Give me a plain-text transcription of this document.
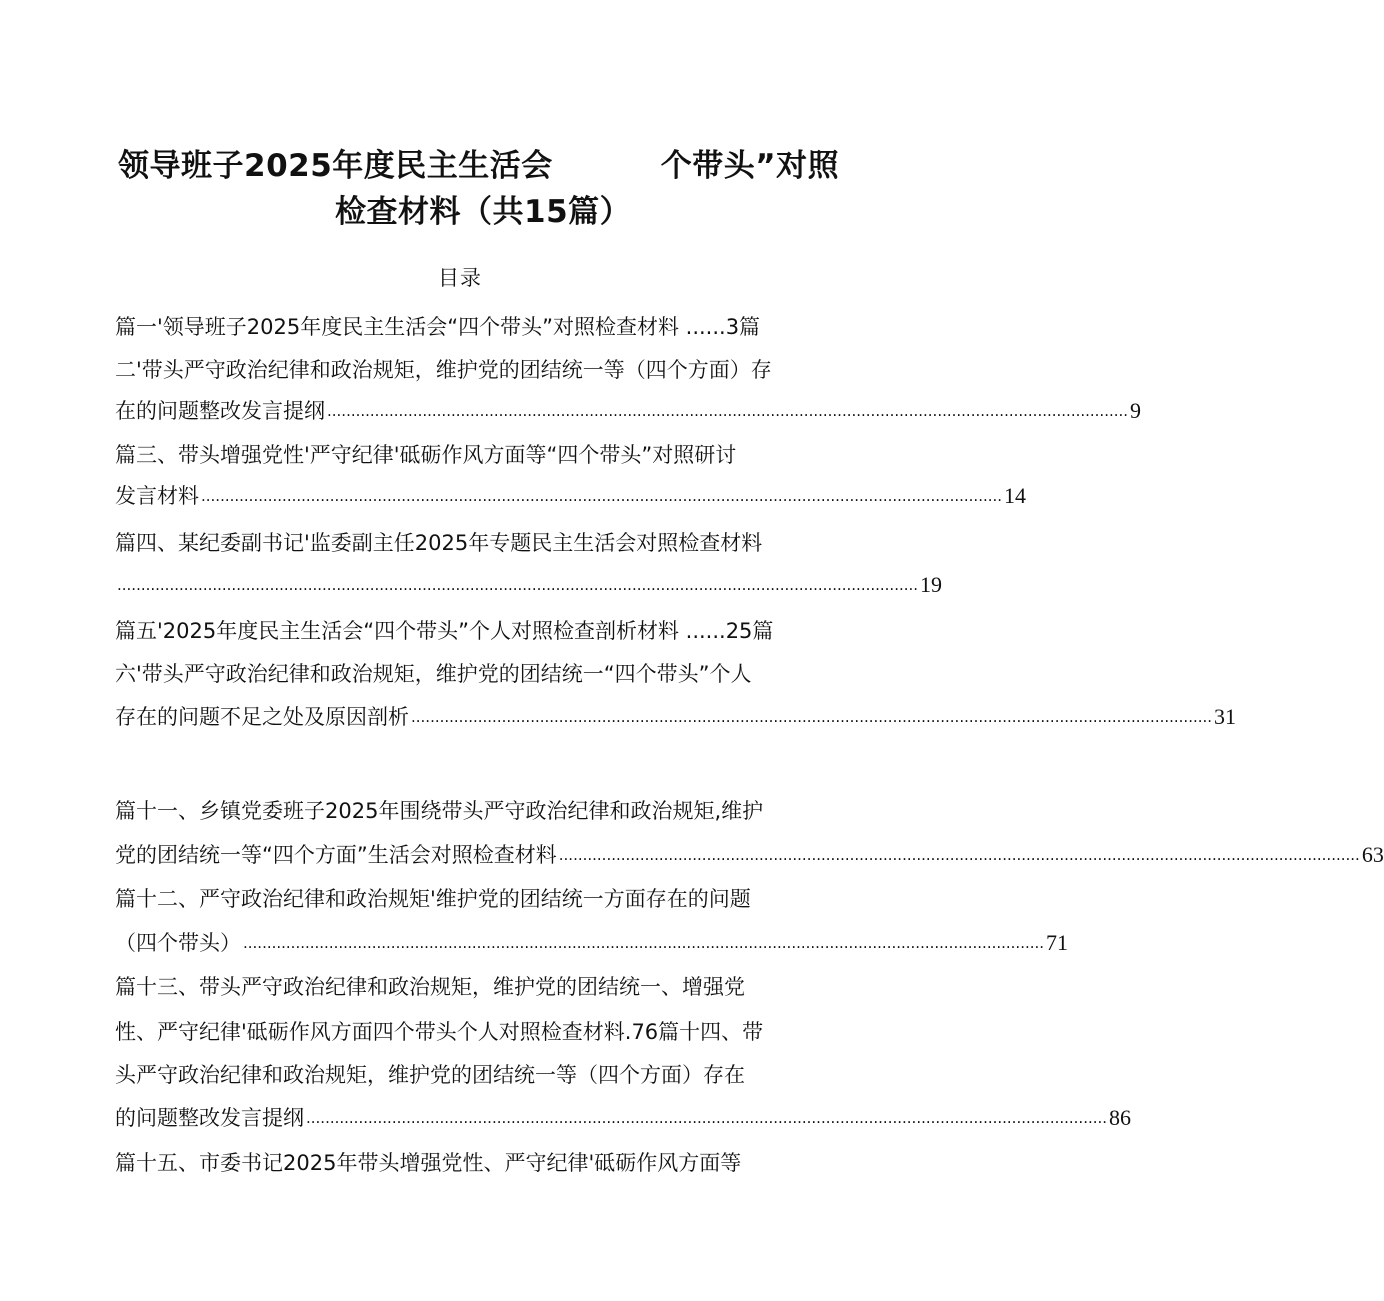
领导班子2025年度民主生活会	个带头”对照
检查材料（共15篇）
目录
篇一'领导班子2025年度民主生活会“四个带头”对照检查材料 ......3篇
二'带头严守政治纪律和政治规矩，维护党的团结统一等（四个方面）存
在的问题整改发言提纲 ........................................................................................................................................................................ 9
篇三、带头增强党性'严守纪律'砥砺作风方面等“四个带头”对照研讨
发言材料 ........................................................................................................................................................................ 14
篇四、某纪委副书记'监委副主任2025年专题民主生活会对照检查材料
........................................................................................................................................................................ 19
篇五'2025年度民主生活会“四个带头”个人对照检查剖析材料 ......25篇
六'带头严守政治纪律和政治规矩，维护党的团结统一“四个带头”个人
存在的问题不足之处及原因剖析 ........................................................................................................................................................................ 31
篇十一、乡镇党委班子2025年围绕带头严守政治纪律和政治规矩,维护
党的团结统一等“四个方面”生活会对照检查材料 ........................................................................................................................................................................ 63
篇十二、严守政治纪律和政治规矩'维护党的团结统一方面存在的问题
（四个带头） ........................................................................................................................................................................ 71
篇十三、带头严守政治纪律和政治规矩，维护党的团结统一、增强党
性、严守纪律'砥砺作风方面四个带头个人对照检查材料.76篇十四、带
头严守政治纪律和政治规矩，维护党的团结统一等（四个方面）存在
的问题整改发言提纲 ........................................................................................................................................................................ 86
篇十五、市委书记2025年带头增强党性、严守纪律'砥砺作风方面等
